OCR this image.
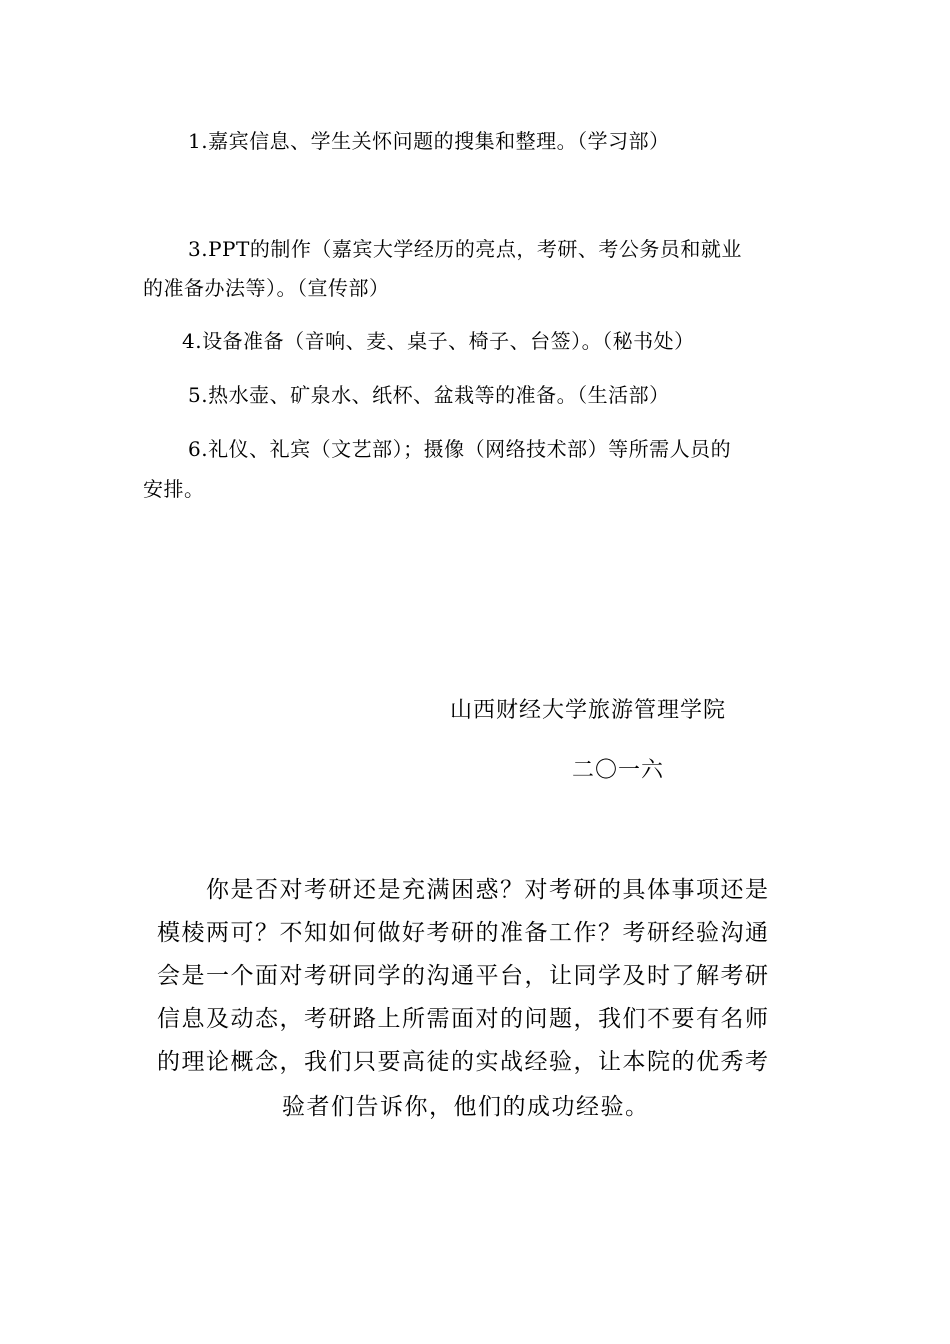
1.嘉宾信息、学生关怀问题的搜集和整理。（学习部）
3.PPT的制作（嘉宾大学经历的亮点，考研、考公务员和就业
的准备办法等）。（宣传部）
4.设备准备（音响、麦、桌子、椅子、台签）。（秘书处）
5.热水壶、矿泉水、纸杯、盆栽等的准备。（生活部）
6.礼仪、礼宾（文艺部）；摄像（网络技术部）等所需人员的
安排。
山西财经大学旅游管理学院
二〇一六
你是否对考研还是充满困惑？对考研的具体事项还是
模棱两可？不知如何做好考研的准备工作？考研经验沟通
会是一个面对考研同学的沟通平台，让同学及时了解考研
信息及动态，考研路上所需面对的问题，我们不要有名师
的理论概念，我们只要高徒的实战经验，让本院的优秀考
验者们告诉你，他们的成功经验。
